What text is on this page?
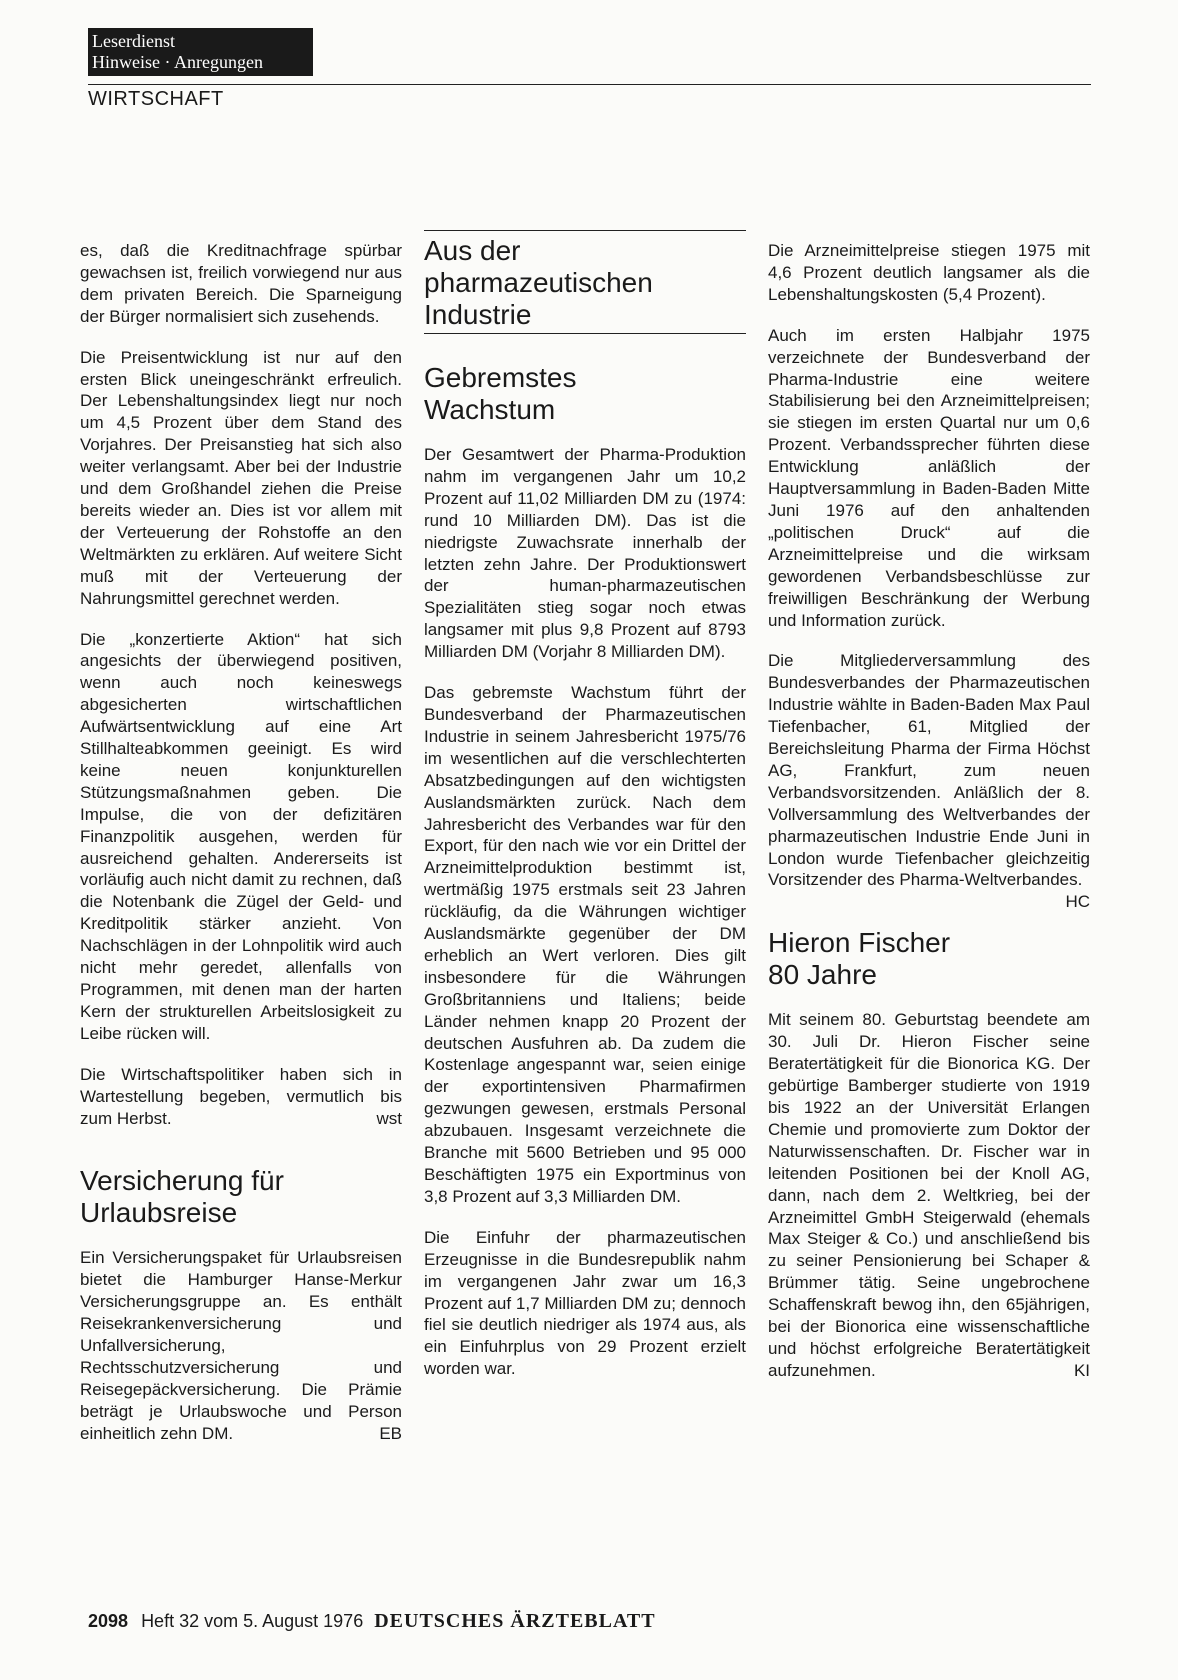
Leserdienst
Hinweise · Anregungen
WIRTSCHAFT

es, daß die Kreditnachfrage spürbar gewachsen ist, freilich vorwiegend nur aus dem privaten Bereich. Die Sparneigung der Bürger normalisiert sich zusehends.

Die Preisentwicklung ist nur auf den ersten Blick uneingeschränkt erfreulich. Der Lebenshaltungsindex liegt nur noch um 4,5 Prozent über dem Stand des Vorjahres. Der Preisanstieg hat sich also weiter verlangsamt. Aber bei der Industrie und dem Großhandel ziehen die Preise bereits wieder an. Dies ist vor allem mit der Verteuerung der Rohstoffe an den Weltmärkten zu erklären. Auf weitere Sicht muß mit der Verteuerung der Nahrungsmittel gerechnet werden.

Die „konzertierte Aktion“ hat sich angesichts der überwiegend positiven, wenn auch noch keineswegs abgesicherten wirtschaftlichen Aufwärtsentwicklung auf eine Art Stillhalteabkommen geeinigt. Es wird keine neuen konjunkturellen Stützungsmaßnahmen geben. Die Impulse, die von der defizitären Finanzpolitik ausgehen, werden für ausreichend gehalten. Andererseits ist vorläufig auch nicht damit zu rechnen, daß die Notenbank die Zügel der Geld- und Kreditpolitik stärker anzieht. Von Nachschlägen in der Lohnpolitik wird auch nicht mehr geredet, allenfalls von Programmen, mit denen man der harten Kern der strukturellen Arbeitslosigkeit zu Leibe rücken will.

Die Wirtschaftspolitiker haben sich in Wartestellung begeben, vermutlich bis zum Herbst.	wst

Versicherung für Urlaubsreise

Ein Versicherungspaket für Urlaubsreisen bietet die Hamburger Hanse-Merkur Versicherungsgruppe an. Es enthält Reisekrankenversicherung und Unfallversicherung, Rechtsschutzversicherung und Reisegepäckversicherung. Die Prämie beträgt je Urlaubswoche und Person einheitlich zehn DM.	EB

Aus der pharmazeutischen Industrie
Gebremstes Wachstum

Der Gesamtwert der Pharma-Produktion nahm im vergangenen Jahr um 10,2 Prozent auf 11,02 Milliarden DM zu (1974: rund 10 Milliarden DM). Das ist die niedrigste Zuwachsrate innerhalb der letzten zehn Jahre. Der Produktionswert der human-pharmazeutischen Spezialitäten stieg sogar noch etwas langsamer mit plus 9,8 Prozent auf 8793 Milliarden DM (Vorjahr 8 Milliarden DM).

Das gebremste Wachstum führt der Bundesverband der Pharmazeutischen Industrie in seinem Jahresbericht 1975/76 im wesentlichen auf die verschlechterten Absatzbedingungen auf den wichtigsten Auslandsmärkten zurück. Nach dem Jahresbericht des Verbandes war für den Export, für den nach wie vor ein Drittel der Arzneimittelproduktion bestimmt ist, wertmäßig 1975 erstmals seit 23 Jahren rückläufig, da die Währungen wichtiger Auslandsmärkte gegenüber der DM erheblich an Wert verloren. Dies gilt insbesondere für die Währungen Großbritanniens und Italiens; beide Länder nehmen knapp 20 Prozent der deutschen Ausfuhren ab. Da zudem die Kostenlage angespannt war, seien einige der exportintensiven Pharmafirmen gezwungen gewesen, erstmals Personal abzubauen. Insgesamt verzeichnete die Branche mit 5600 Betrieben und 95 000 Beschäftigten 1975 ein Exportminus von 3,8 Prozent auf 3,3 Milliarden DM.

Die Einfuhr der pharmazeutischen Erzeugnisse in die Bundesrepublik nahm im vergangenen Jahr zwar um 16,3 Prozent auf 1,7 Milliarden DM zu; dennoch fiel sie deutlich niedriger als 1974 aus, als ein Einfuhrplus von 29 Prozent erzielt worden war.

Die Arzneimittelpreise stiegen 1975 mit 4,6 Prozent deutlich langsamer als die Lebenshaltungskosten (5,4 Prozent).

Auch im ersten Halbjahr 1975 verzeichnete der Bundesverband der Pharma-Industrie eine weitere Stabilisierung bei den Arzneimittelpreisen; sie stiegen im ersten Quartal nur um 0,6 Prozent. Verbandssprecher führten diese Entwicklung anläßlich der Hauptversammlung in Baden-Baden Mitte Juni 1976 auf den anhaltenden „politischen Druck“ auf die Arzneimittelpreise und die wirksam gewordenen Verbandsbeschlüsse zur freiwilligen Beschränkung der Werbung und Information zurück.

Die Mitgliederversammlung des Bundesverbandes der Pharmazeutischen Industrie wählte in Baden-Baden Max Paul Tiefenbacher, 61, Mitglied der Bereichsleitung Pharma der Firma Höchst AG, Frankfurt, zum neuen Verbandsvorsitzenden. Anläßlich der 8. Vollversammlung des Weltverbandes der pharmazeutischen Industrie Ende Juni in London wurde Tiefenbacher gleichzeitig Vorsitzender des Pharma-Weltverbandes.
HC

Hieron Fischer 80 Jahre

Mit seinem 80. Geburtstag beendete am 30. Juli Dr. Hieron Fischer seine Beratertätigkeit für die Bionorica KG. Der gebürtige Bamberger studierte von 1919 bis 1922 an der Universität Erlangen Chemie und promovierte zum Doktor der Naturwissenschaften. Dr. Fischer war in leitenden Positionen bei der Knoll AG, dann, nach dem 2. Weltkrieg, bei der Arzneimittel GmbH Steigerwald (ehemals Max Steiger & Co.) und anschließend bis zu seiner Pensionierung bei Schaper & Brümmer tätig. Seine ungebrochene Schaffenskraft bewog ihn, den 65jährigen, bei der Bionorica eine wissenschaftliche und höchst erfolgreiche Beratertätigkeit aufzunehmen.	KI

2098 Heft 32 vom 5. August 1976 DEUTSCHES ÄRZTEBLATT
